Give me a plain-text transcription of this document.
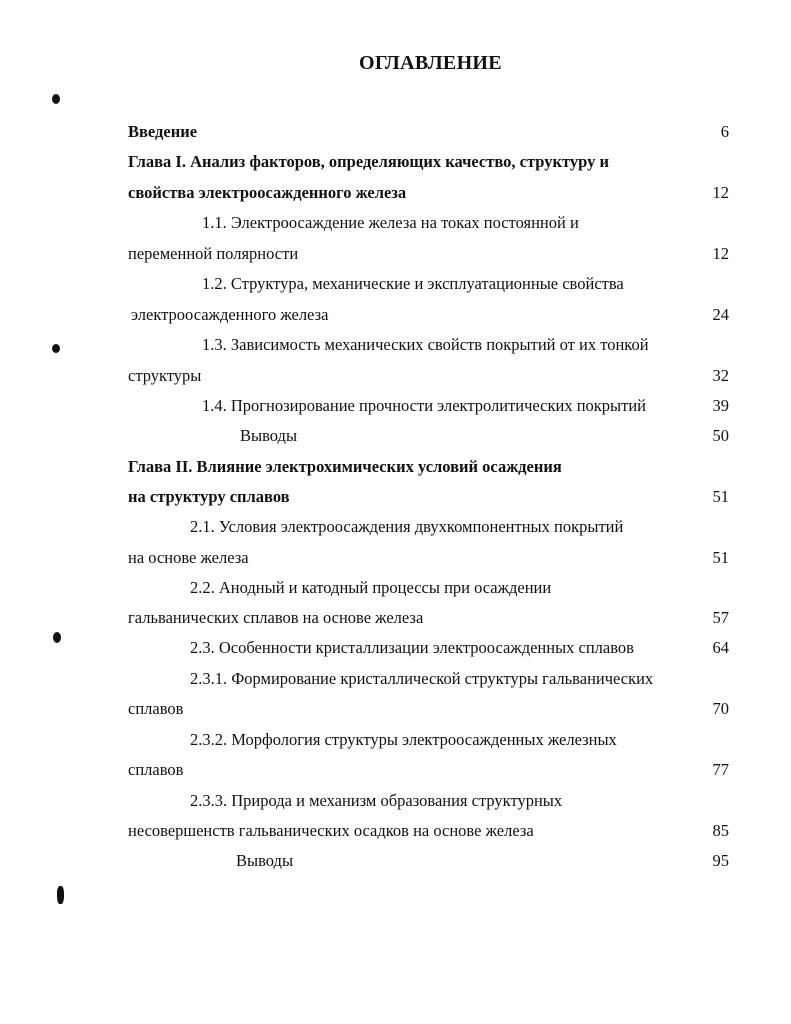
ОГЛАВЛЕНИЕ
Введение	6
Глава I. Анализ факторов, определяющих качество, структуру и
свойства электроосажденного железа	12
1.1. Электроосаждение железа на токах постоянной и
переменной полярности	12
1.2. Структура, механические и эксплуатационные свойства
электроосажденного железа	24
1.3. Зависимость механических свойств покрытий от их тонкой
структуры	32
1.4. Прогнозирование прочности электролитических покрытий	39
Выводы	50
Глава II. Влияние электрохимических условий осаждения
на структуру сплавов	51
2.1. Условия электроосаждения двухкомпонентных покрытий
на основе железа	51
2.2. Анодный и катодный процессы при осаждении
гальванических сплавов на основе железа	57
2.3. Особенности кристаллизации электроосажденных сплавов	64
2.3.1. Формирование кристаллической структуры гальванических
сплавов	70
2.3.2. Морфология структуры электроосажденных железных
сплавов	77
2.3.3. Природа и механизм образования структурных
несовершенств гальванических осадков на основе железа	85
Выводы	95
